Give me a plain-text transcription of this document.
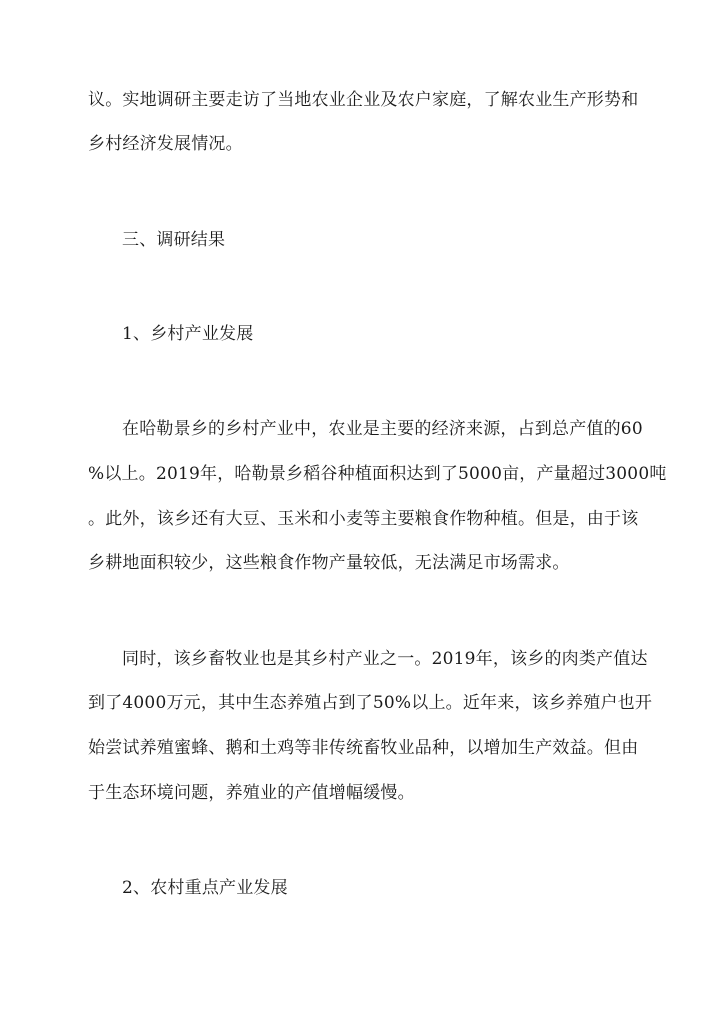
议。实地调研主要走访了当地农业企业及农户家庭，了解农业生产形势和
乡村经济发展情况。
三、调研结果
1、乡村产业发展
在哈勒景乡的乡村产业中，农业是主要的经济来源，占到总产值的60
%以上。2019年，哈勒景乡稻谷种植面积达到了5000亩，产量超过3000吨
。此外，该乡还有大豆、玉米和小麦等主要粮食作物种植。但是，由于该
乡耕地面积较少，这些粮食作物产量较低，无法满足市场需求。
同时，该乡畜牧业也是其乡村产业之一。2019年，该乡的肉类产值达
到了4000万元，其中生态养殖占到了50%以上。近年来，该乡养殖户也开
始尝试养殖蜜蜂、鹅和土鸡等非传统畜牧业品种，以增加生产效益。但由
于生态环境问题，养殖业的产值增幅缓慢。
2、农村重点产业发展
